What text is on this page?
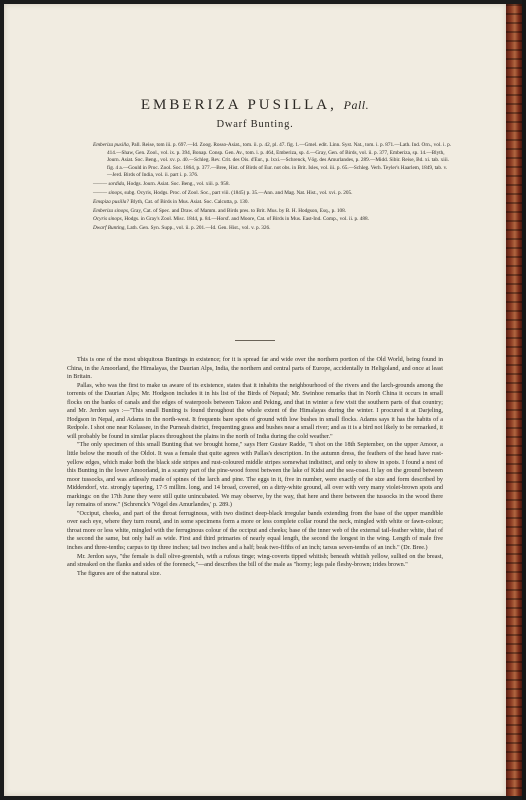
EMBERIZA PUSILLA, Pall.
Dwarf Bunting.

Emberiza pusilla, Pall. Reise, tom iii. p. 697.—Id. Zoog. Rosso-Asiat., tom. ii. p. 42, pl. 47. fig. 1.—Gmel. edit. Linn. Syst. Nat., tom. i. p. 871.—Lath. Ind. Orn., vol. i. p. 414.—Shaw, Gen. Zool., vol. ix. p. 394, Bonap. Consp. Gen. Av., tom. i. p. 464, Emberiza, sp. 4.—Gray, Gen. of Birds, vol. ii. p. 377, Emberiza, sp. 14.—Blyth, Journ. Asiat. Soc. Beng., vol. xv. p. 40.—Schleg. Rev. Crit. des Ois. d'Eur., p. lxxi.—Schrenck, Vög. des Amurlandes, p. 289.—Midd. Sibir. Reise, Bd. xi. tab. xiii. fig. 4 a.—Gould in Proc. Zool. Soc. 1864, p. 377.—Bree, Hist. of Birds of Eur. not obs. in Brit. Isles, vol. iii. p. 65.—Schleg. Verh. Teyler's Haarlem, 1849, tab. v.—Jerd. Birds of India, vol. ii. part i. p. 376.

——— sordida, Hodgs. Journ. Asiat. Soc. Beng., vol. xiii. p. 958.

——— sinops, subg. Ocyris, Hodgs. Proc. of Zool. Soc., part viii. (1845) p. 35.—Ann. and Mag. Nat. Hist., vol. xvi. p. 205.

Emspiza pusilla? Blyth, Cat. of Birds in Mus. Asiat. Soc. Calcutta, p. 130.

Emberiza sinops, Gray, Cat. of Spec. and Draw. of Mamm. and Birds pres. to Brit. Mus. by B. H. Hodgson, Esq., p. 108.

Ocyris sinops, Hodgs. in Gray's Zool. Misc. 1844, p. 84.—Horsf. and Moore, Cat. of Birds in Mus. East-Ind. Comp., vol. ii. p. 488.

Dwarf Bunting, Lath. Gen. Syn. Supp., vol. ii. p. 201.—Id. Gen. Hist., vol. v. p. 326.

This is one of the most ubiquitous Buntings in existence; for it is spread far and wide over the northern portion of the Old World, being found in China, in the Amoorland, the Himalayas, the Daurian Alps, India, the northern and central parts of Europe, accidentally in Heligoland, and once at least in Britain.

Pallas, who was the first to make us aware of its existence, states that it inhabits the neighbourhood of the rivers and the larch-grounds among the torrents of the Daurian Alps; Mr. Hodgson includes it in his list of the Birds of Nepaul; Mr. Swinhoe remarks that in North China it occurs in small flocks on the banks of canals and the edges of waterpools between Takoo and Peking, and that in winter a few visit the southern parts of that country; and Mr. Jerdon says :—"This small Bunting is found throughout the whole extent of the Himalayas during the winter. I procured it at Darjeling, Hodgson in Nepal, and Adams in the north-west. It frequents bare spots of ground with low bushes in small flocks. Adams says it has the habits of a Redpole. I shot one near Kolassee, in the Purneah district, frequenting grass and bushes near a small river; and as it is a bird not likely to be remarked, it will probably be found in similar places throughout the plains in the north of India during the cold weather."

"The only specimen of this small Bunting that we brought home," says Herr Gustav Radde, "I shot on the 18th September, on the upper Amoor, a little below the mouth of the Oldoi. It was a female that quite agrees with Pallas's description. In the autumn dress, the feathers of the head have rust-yellow edges, which make both the black side stripes and rust-coloured middle stripes somewhat indistinct, and only to show in spots. I found a nest of this Bunting in the lower Amoorland, in a scanty part of the pine-wood forest between the lake of Kidsi and the sea-coast. It lay on the ground between moor tussocks, and was artlessly made of spines of the larch and pine. The eggs in it, five in number, were exactly of the size and form described by Middendorf, viz. strongly tapering, 17·5 millim. long, and 14 broad, covered, on a dirty-white ground, all over with very many violet-brown spots and markings: on the 17th June they were still quite unincubated. We may observe, by the way, that here and there between the tussocks in the wood there lay remains of snow." (Schrenck's 'Vögel des Amurlandes,' p. 289.)

"Occiput, cheeks, and part of the throat ferruginous, with two distinct deep-black irregular bands extending from the base of the upper mandible over each eye, where they turn round, and in some specimens form a more or less complete collar round the neck, mingled with white or fawn-colour; throat more or less white, mingled with the ferruginous colour of the occiput and cheeks; base of the inner web of the external tail-feather white, that of the second the same, but only half as wide. First and third primaries of nearly equal length, the second the longest in the wing. Length of male five inches and three-tenths; carpus to tip three inches; tail two inches and a half; beak two-fifths of an inch; tarsus seven-tenths of an inch." (Dr. Bree.)

Mr. Jerdon says, "the female is dull olive-greenish, with a rufous tinge; wing-coverts tipped whitish; beneath whitish yellow, sullied on the breast, and streaked on the flanks and sides of the foreneck,"—and describes the bill of the male as "horny; legs pale fleshy-brown; irides brown."

The figures are of the natural size.
